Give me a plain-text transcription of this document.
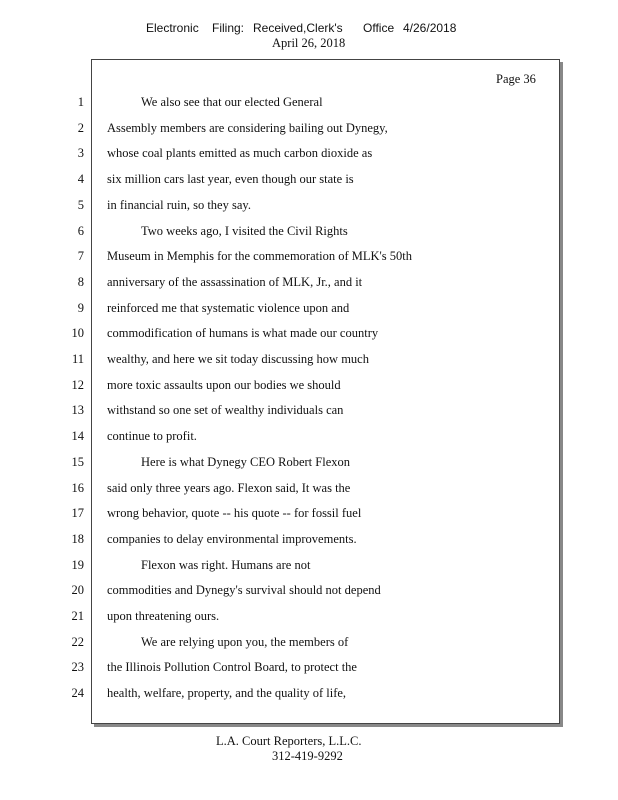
Electronic Filing: Received,Clerk's Office 4/26/2018
April 26, 2018
Page 36
1	We also see that our elected General
2 Assembly members are considering bailing out Dynegy,
3 whose coal plants emitted as much carbon dioxide as
4 six million cars last year, even though our state is
5 in financial ruin, so they say.
6	Two weeks ago, I visited the Civil Rights
7 Museum in Memphis for the commemoration of MLK's 50th
8 anniversary of the assassination of MLK, Jr., and it
9 reinforced me that systematic violence upon and
10 commodification of humans is what made our country
11 wealthy, and here we sit today discussing how much
12 more toxic assaults upon our bodies we should
13 withstand so one set of wealthy individuals can
14 continue to profit.
15	Here is what Dynegy CEO Robert Flexon
16 said only three years ago. Flexon said, It was the
17 wrong behavior, quote -- his quote -- for fossil fuel
18 companies to delay environmental improvements.
19	Flexon was right. Humans are not
20 commodities and Dynegy's survival should not depend
21 upon threatening ours.
22	We are relying upon you, the members of
23 the Illinois Pollution Control Board, to protect the
24 health, welfare, property, and the quality of life,
L.A. Court Reporters, L.L.C.
312-419-9292
